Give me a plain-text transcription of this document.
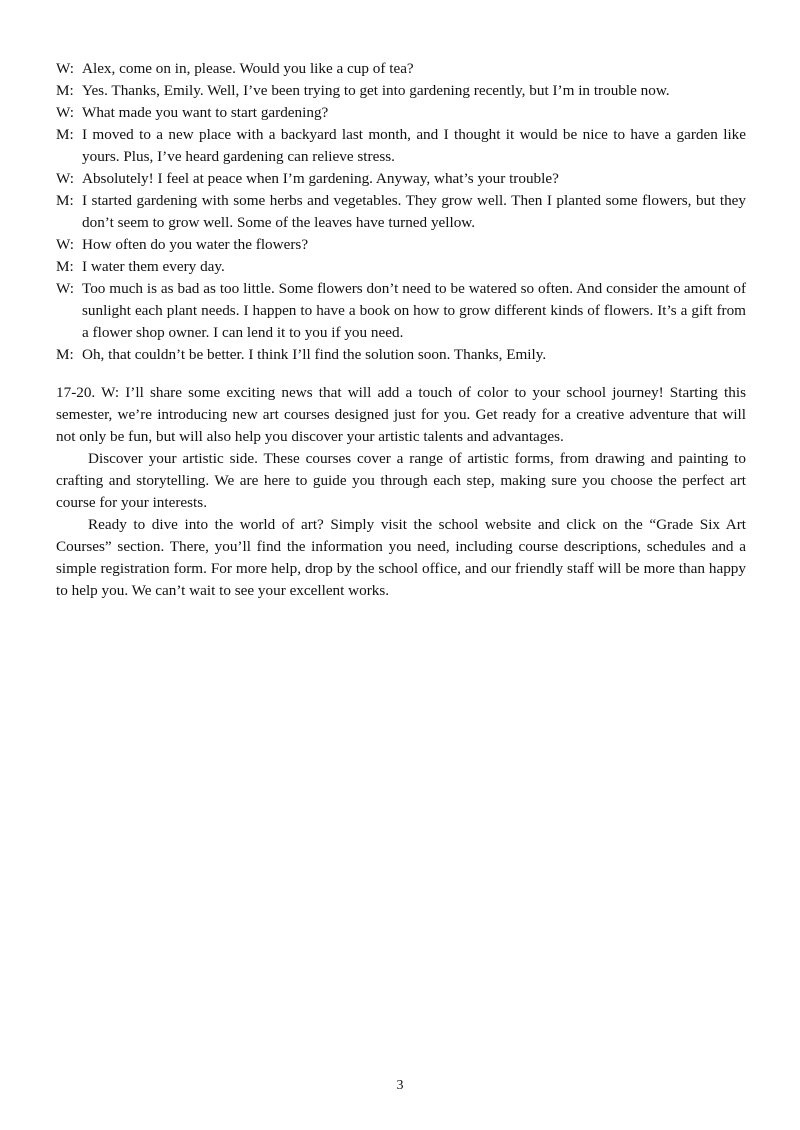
W: Alex, come on in, please. Would you like a cup of tea?
M: Yes. Thanks, Emily. Well, I’ve been trying to get into gardening recently, but I’m in trouble now.
W: What made you want to start gardening?
M: I moved to a new place with a backyard last month, and I thought it would be nice to have a garden like yours. Plus, I’ve heard gardening can relieve stress.
W: Absolutely! I feel at peace when I’m gardening. Anyway, what’s your trouble?
M: I started gardening with some herbs and vegetables. They grow well. Then I planted some flowers, but they don’t seem to grow well. Some of the leaves have turned yellow.
W: How often do you water the flowers?
M: I water them every day.
W: Too much is as bad as too little. Some flowers don’t need to be watered so often. And consider the amount of sunlight each plant needs. I happen to have a book on how to grow different kinds of flowers. It’s a gift from a flower shop owner. I can lend it to you if you need.
M: Oh, that couldn’t be better. I think I’ll find the solution soon. Thanks, Emily.

17-20. W: I’ll share some exciting news that will add a touch of color to your school journey! Starting this semester, we’re introducing new art courses designed just for you. Get ready for a creative adventure that will not only be fun, but will also help you discover your artistic talents and advantages.

Discover your artistic side. These courses cover a range of artistic forms, from drawing and painting to crafting and storytelling. We are here to guide you through each step, making sure you choose the perfect art course for your interests.

Ready to dive into the world of art? Simply visit the school website and click on the “Grade Six Art Courses” section. There, you’ll find the information you need, including course descriptions, schedules and a simple registration form. For more help, drop by the school office, and our friendly staff will be more than happy to help you. We can’t wait to see your excellent works.

3
